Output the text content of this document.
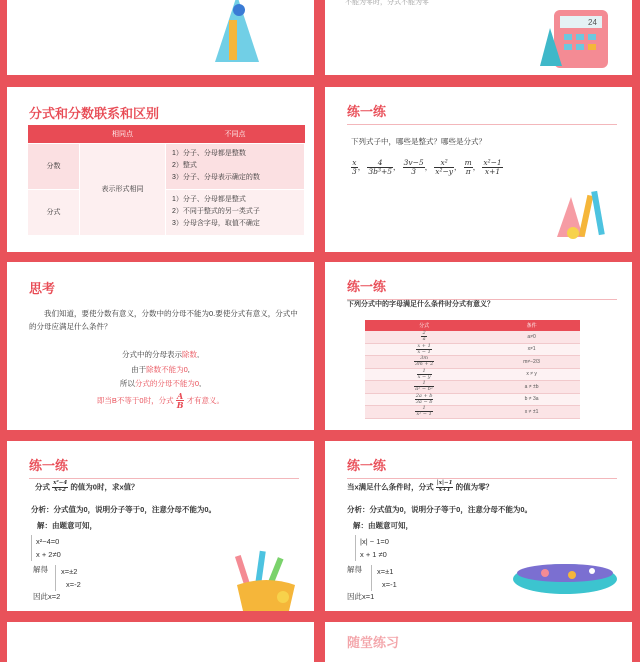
不能为零时，分式不能为零
24
分式和分数联系和区别
	相同点	不同点
分数	表示形式相同	1）分子、分母都是整数
2）整式
3）分子、分母表示确定的数

分式		1）分子、分母都是整式
2）不同于整式的另一类式子
3）分母含字母，取值不确定
练一练
下列式子中，哪些是整式？哪些是分式？
$\frac{x}{3}$ ， $\frac{4}{\text{3b³+5}}$ ， $\frac{3v-5}{3}$ ， $\frac{\text{x²}}{\text{x²−y}}$ ， $\frac{m}{\pi}$ ， $\frac{\text{x²−1}}{x+1}$
思考
我们知道，要使分数有意义，分数中的分母不能为0.要使分式有意义，分式中的分母应满足什么条件？
分式中的分母表示除数,
由于除数不能为0,
所以分式的分母不能为0,
即当B不等于0时，分式 $\frac{A}{B}$ 才有意义。
练一练
下列分式中的字母满足什么条件时分式有意义？
分式	条件

$\frac{2}{a}$	a≠0

$\frac{x + 1}{x - 1}$	x≠1

$\frac{3m}{3m + 2}$	m≠−2/3

$\frac{1}{x - y}$	x ≠ y

$\frac{1}{\text{a² − b²}}$	a ≠ ±b

$\frac{2a + b}{3a - b}$	b ≠ 3a

$\frac{1}{\text{x² − 1}}$	x ≠ ±1
练一练
分式 $\frac{\text{x²−4}}{x+2}$ 的值为0时，求x值？
分析：分式值为0，说明分子等于0，注意分母不能为0。
解：由题意可知，
x²−4=0
x + 2≠0
解得 x=±2
x=-2
因此x=2
练一练
当x满足什么条件时，分式 $\frac{|x|-1}{x+1}$ 的值为零？
分析：分式值为0，说明分子等于0，注意分母不能为0。
解：由题意可知，
|x| − 1=0
x + 1 ≠0
解得 x=±1
x=-1
因此x=1
随堂练习
